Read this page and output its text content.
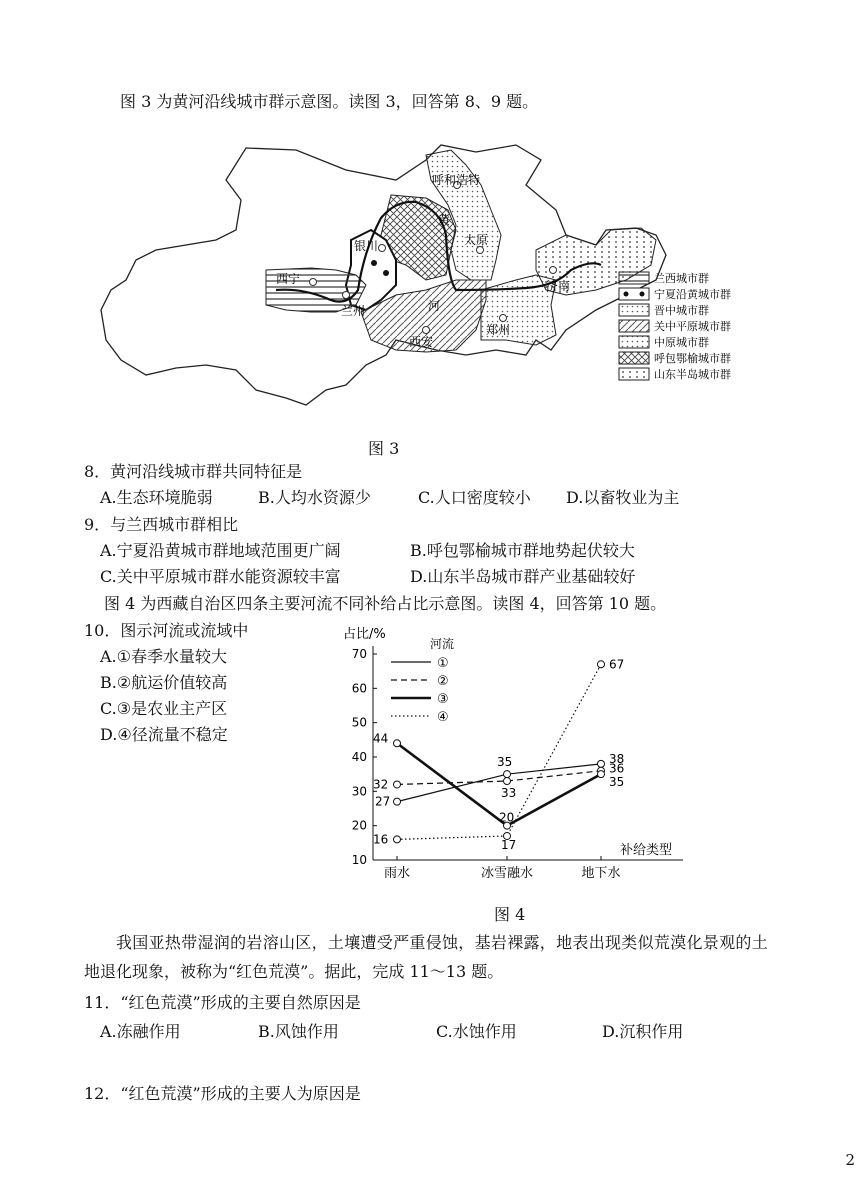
图 3 为黄河沿线城市群示意图。读图 3，回答第 8、9 题。
呼和浩特
银川	太原
西宁
兰州
济南
西安
郑州
黄
河
兰西城市群
宁夏沿黄城市群
晋中城市群
关中平原城市群
中原城市群
呼包鄂榆城市群
山东半岛城市群
图 3
8．黄河沿线城市群共同特征是
A.生态环境脆弱	B.人均水资源少	C.人口密度较小 D.以畜牧业为主
9．与兰西城市群相比
A.宁夏沿黄城市群地域范围更广阔	B.呼包鄂榆城市群地势起伏较大
C.关中平原城市群水能资源较丰富	D.山东半岛城市群产业基础较好
图 4 为西藏自治区四条主要河流不同补给占比示意图。读图 4，回答第 10 题。
10．图示河流或流域中
A.①春季水量较大
B.②航运价值较高
C.③是农业主产区
D.④径流量不稳定
占比/%
补给类型
10
20
30
40
50
60
70
雨水	冰雪融水	地下水
河流
①
②
③
④
27
35	38
32
33
36
44
20
35
16	17
67
图 4
我国亚热带湿润的岩溶山区，土壤遭受严重侵蚀，基岩裸露，地表出现类似荒漠化景观的土
地退化现象，被称为“红色荒漠”。据此，完成 11～13 题。
11．“红色荒漠”形成的主要自然原因是
A.冻融作用	B.风蚀作用	C.水蚀作用	D.沉积作用
12．“红色荒漠”形成的主要人为原因是
2
